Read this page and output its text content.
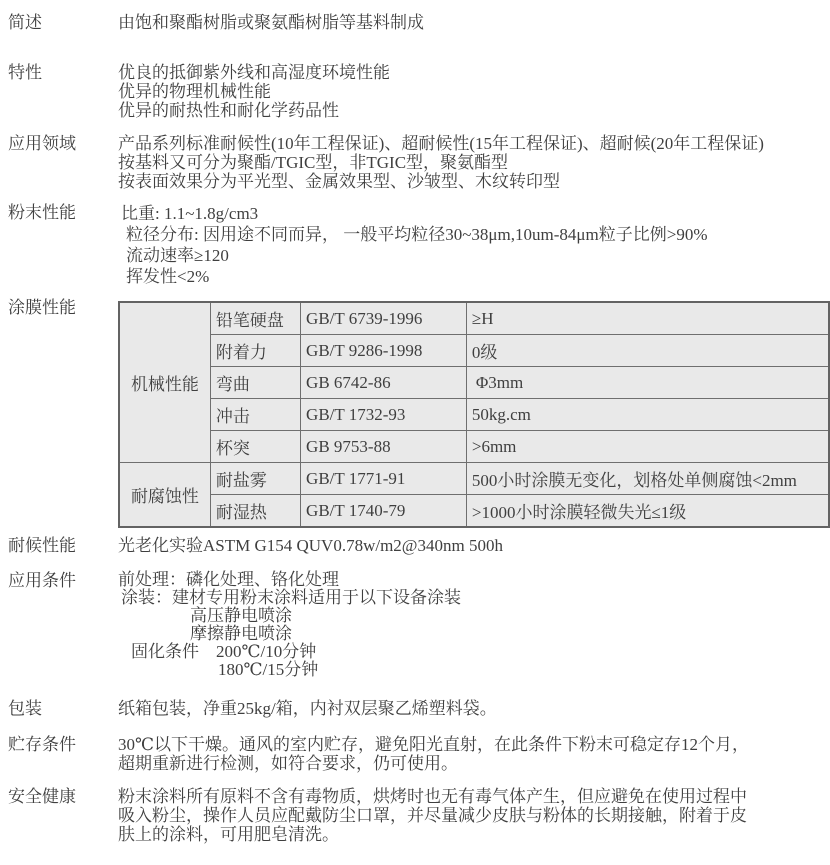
简述	由饱和聚酯树脂或聚氨酯树脂等基料制成
特性	优良的抵御紫外线和高湿度环境性能
优异的物理机械性能
优异的耐热性和耐化学药品性
应用领域	产品系列标准耐候性(10年工程保证)、超耐候性(15年工程保证)、超耐候(20年工程保证)
按基料又可分为聚酯/TGIC型，非TGIC型，聚氨酯型
按表面效果分为平光型、金属效果型、沙皱型、木纹转印型
粉末性能	比重: 1.1~1.8g/cm3
粒径分布: 因用途不同而异， 一般平均粒径30~38μm,10um-84μm粒子比例>90%
流动速率≥120
挥发性<2%
涂膜性能
机械性能	铅笔硬盘	GB/T 6739-1996	≥H
	附着力	GB/T 9286-1998	0级
	弯曲	GB 6742-86	Φ3mm
	冲击	GB/T 1732-93	50kg.cm
	杯突	GB 9753-88	>6mm
耐腐蚀性	耐盐雾	GB/T 1771-91	500小时涂膜无变化，划格处单侧腐蚀<2mm
	耐湿热	GB/T 1740-79	>1000小时涂膜轻微失光≤1级
耐候性能	光老化实验ASTM G154 QUV0.78w/m2@340nm 500h
应用条件	前处理：磷化处理、铬化处理
涂装：建材专用粉末涂料适用于以下设备涂装
高压静电喷涂
摩擦静电喷涂
固化条件　200℃/10分钟
180℃/15分钟
包装	纸箱包装，净重25kg/箱，内衬双层聚乙烯塑料袋。
贮存条件	30℃以下干燥。通风的室内贮存，避免阳光直射，在此条件下粉末可稳定存12个月，
超期重新进行检测，如符合要求，仍可使用。
安全健康	粉末涂料所有原料不含有毒物质，烘烤时也无有毒气体产生，但应避免在使用过程中
吸入粉尘，操作人员应配戴防尘口罩，并尽量减少皮肤与粉体的长期接触，附着于皮
肤上的涂料，可用肥皂清洗。
